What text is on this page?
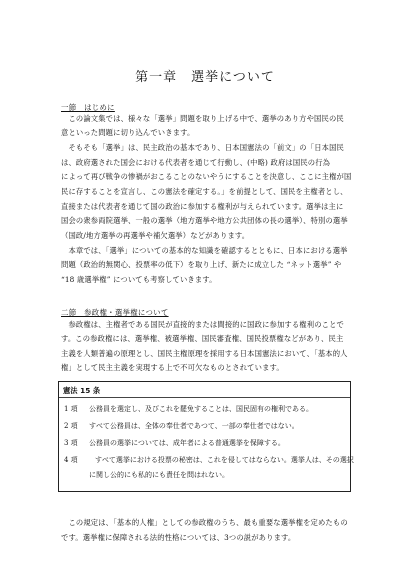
第一章　選挙について
一節　はじめに
　この論文集では、様々な「選挙」問題を取り上げる中で、選挙のあり方や国民の民
意といった問題に切り込んでいきます。
　そもそも「選挙」は、民主政治の基本であり、日本国憲法の「前文」の「日本国民
は、政府選された国会における代表者を通じて行動し、(中略) 政府は国民の行為
によって再び戦争の惨禍がおこることのないやうにすることを決意し、ここに主権が国
民に存することを宣言し、この憲法を確定する。」を前提として、国民を主権者とし、
直接または代表者を通じて国の政治に参加する権利が与えられています。選挙は主に
国会の衆参両院選挙、一般の選挙（地方選挙や地方公共団体の長の選挙）、特別の選挙
（国政/地方選挙の再選挙や補欠選挙）などがあります。
　本章では、「選挙」についての基本的な知識を確認するとともに、日本における選挙
問題（政治的無関心、投票率の低下）を取り上げ、新たに成立した “ネット選挙” や
“18 歳選挙権” についても考察していきます。
二節　参政権・選挙権について
　参政権は、主権者である国民が直接的または間接的に国政に参加する権利のことで
す。この参政権には、選挙権、被選挙権、国民審査権、国民投票権などがあり、民主
主義を人類普遍の原理とし、国民主権原理を採用する日本国憲法において、「基本的人
権」として民主主義を実現する上で不可欠なものとされています。
憲法 15 条
1 項 公務員を選定し、及びこれを罷免することは、国民固有の権利である。
2 項 すべて公務員は、全体の奉仕者であつて、一部の奉仕者ではない。
3 項 公務員の選挙については、成年者による普通選挙を保障する。
4 項 すべて選挙における投票の秘密は、これを侵してはならない。選挙人は、その選択
に関し公的にも私的にも責任を問はれない。
　この規定は、「基本的人権」としての参政権のうち、最も重要な選挙権を定めたもの
です。選挙権に保障される法的性格については、3つの説があります。
